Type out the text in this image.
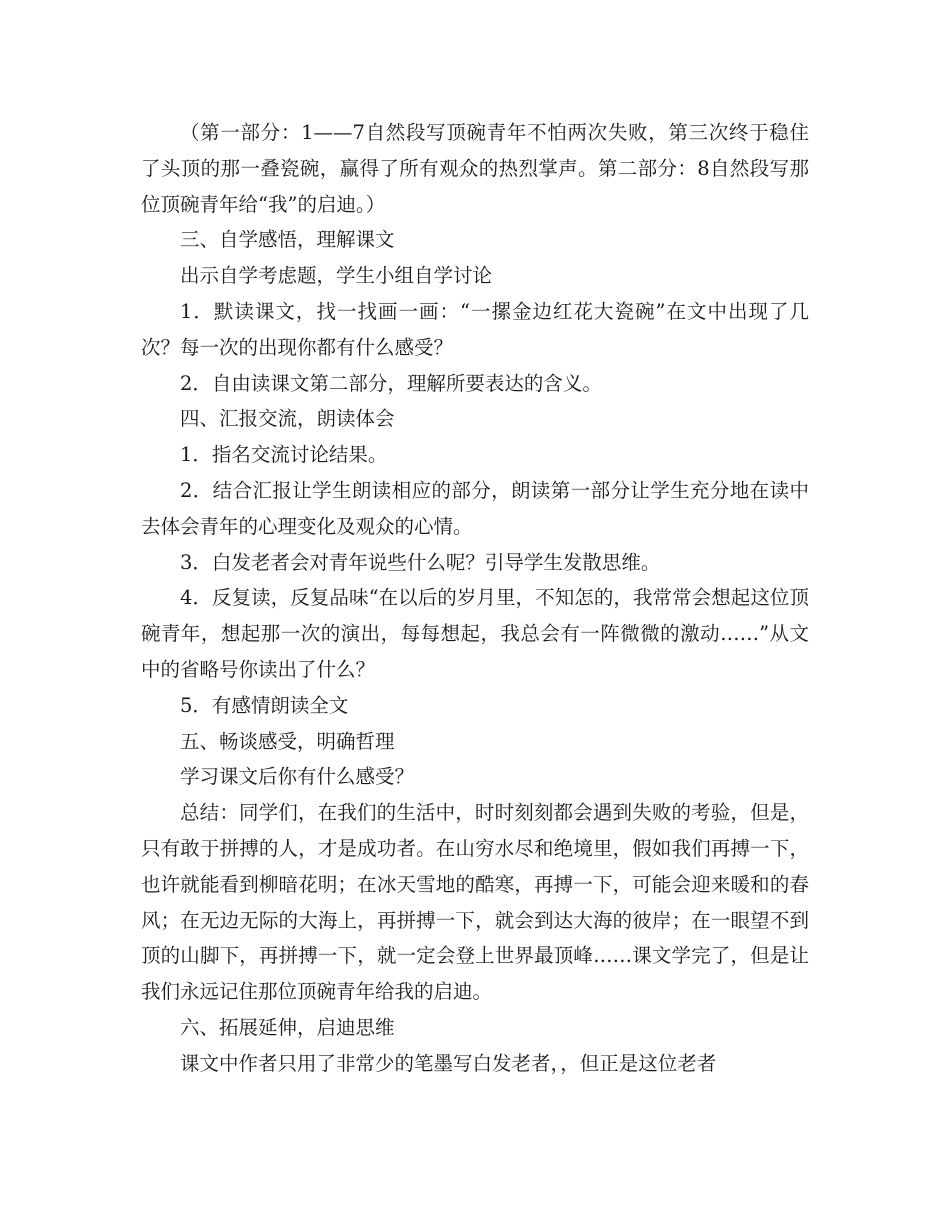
（第一部分：1——7自然段写顶碗青年不怕两次失败，第三次终于稳住了头顶的那一叠瓷碗，赢得了所有观众的热烈掌声。第二部分：8自然段写那位顶碗青年给“我”的启迪。）

三、自学感悟，理解课文

出示自学考虑题，学生小组自学讨论

1．默读课文，找一找画一画：“一摞金边红花大瓷碗”在文中出现了几次？每一次的出现你都有什么感受？

2．自由读课文第二部分，理解所要表达的含义。

四、汇报交流，朗读体会

1．指名交流讨论结果。

2．结合汇报让学生朗读相应的部分，朗读第一部分让学生充分地在读中去体会青年的心理变化及观众的心情。

3．白发老者会对青年说些什么呢？引导学生发散思维。

4．反复读，反复品味“在以后的岁月里，不知怎的，我常常会想起这位顶碗青年，想起那一次的演出，每每想起，我总会有一阵微微的激动……”从文中的省略号你读出了什么？

5．有感情朗读全文

五、畅谈感受，明确哲理

学习课文后你有什么感受？

总结：同学们，在我们的生活中，时时刻刻都会遇到失败的考验，但是，只有敢于拼搏的人，才是成功者。在山穷水尽和绝境里，假如我们再搏一下，也许就能看到柳暗花明；在冰天雪地的酷寒，再搏一下，可能会迎来暖和的春风；在无边无际的大海上，再拼搏一下，就会到达大海的彼岸；在一眼望不到顶的山脚下，再拼搏一下，就一定会登上世界最顶峰……课文学完了，但是让我们永远记住那位顶碗青年给我的启迪。

六、拓展延伸，启迪思维

课文中作者只用了非常少的笔墨写白发老者，，但正是这位老者
